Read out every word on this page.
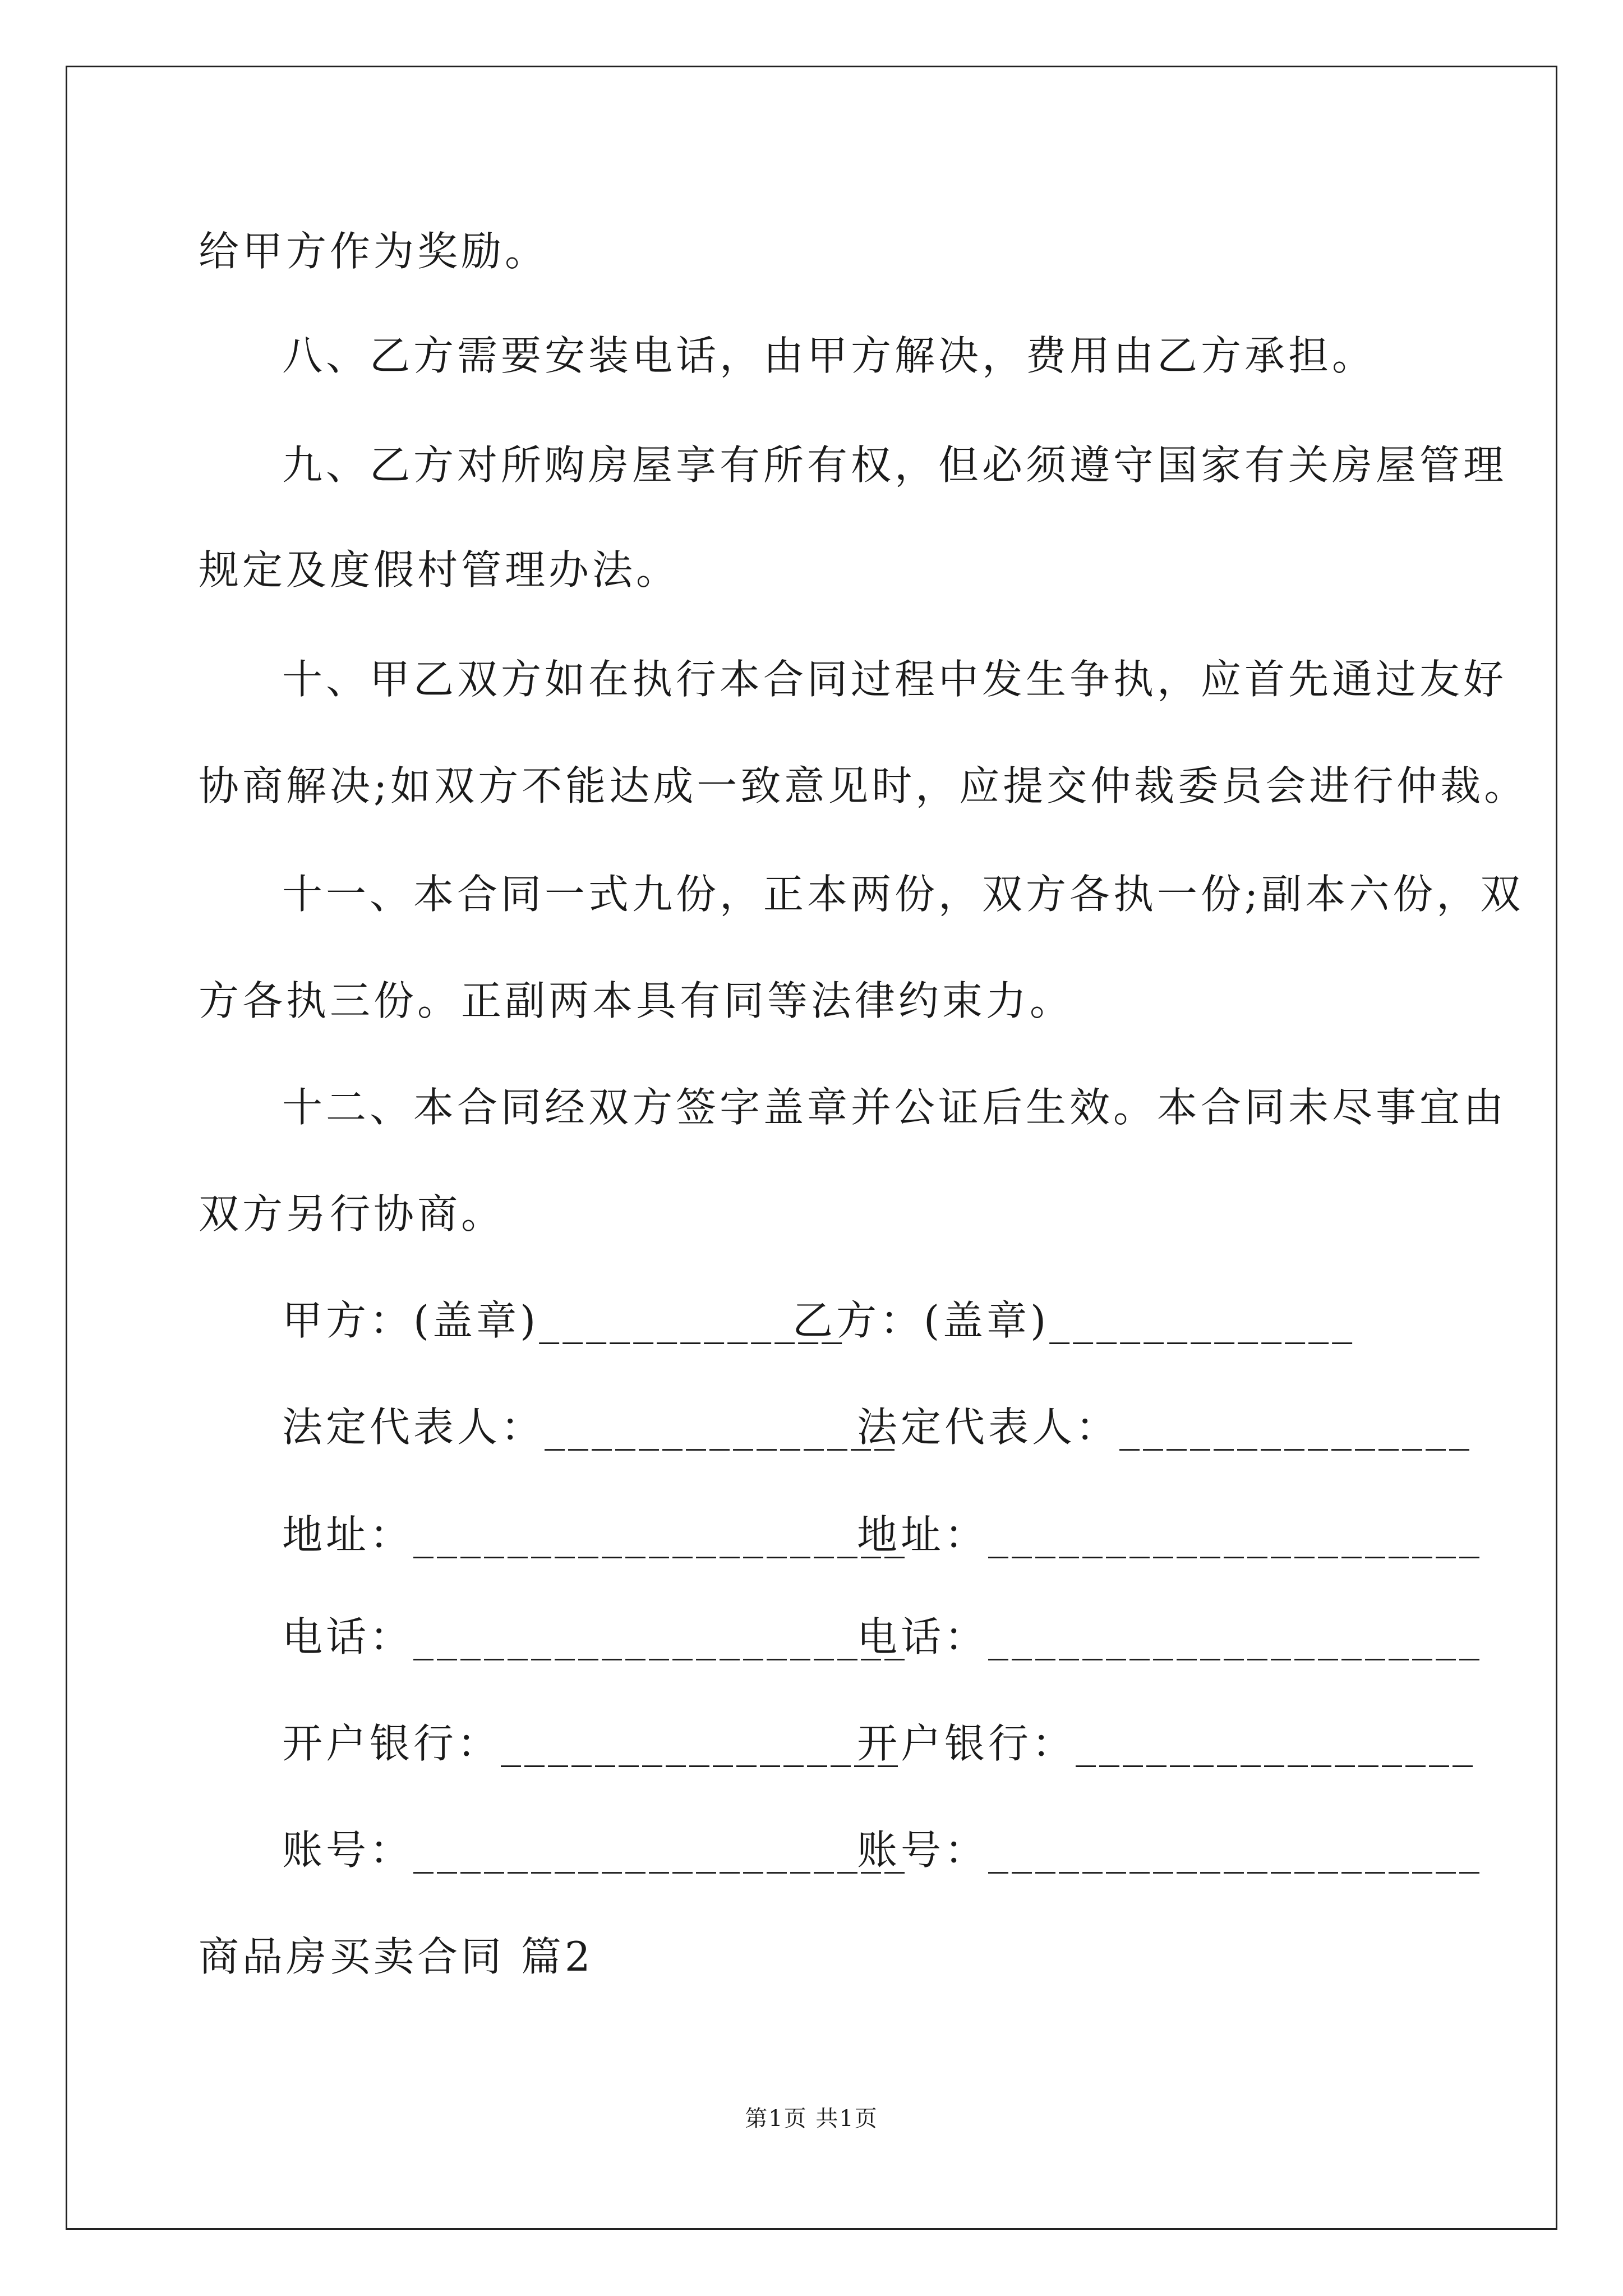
给甲方作为奖励。
八、乙方需要安装电话，由甲方解决，费用由乙方承担。
九、乙方对所购房屋享有所有权，但必须遵守国家有关房屋管理
规定及度假村管理办法。
十、甲乙双方如在执行本合同过程中发生争执，应首先通过友好
协商解决;如双方不能达成一致意见时，应提交仲裁委员会进行仲裁。
十一、本合同一式九份，正本两份，双方各执一份;副本六份，双
方各执三份。正副两本具有同等法律约束力。
十二、本合同经双方签字盖章并公证后生效。本合同未尽事宜由
双方另行协商。
甲方：(盖章)_____________
乙方：(盖章)_____________
法定代表人：_______________
法定代表人：_______________
地址：_____________________
地址：_____________________
电话：_____________________
电话：_____________________
开户银行：_________________
开户银行：_________________
账号：_____________________
账号：_____________________
商品房买卖合同 篇2
第1页 共1页
